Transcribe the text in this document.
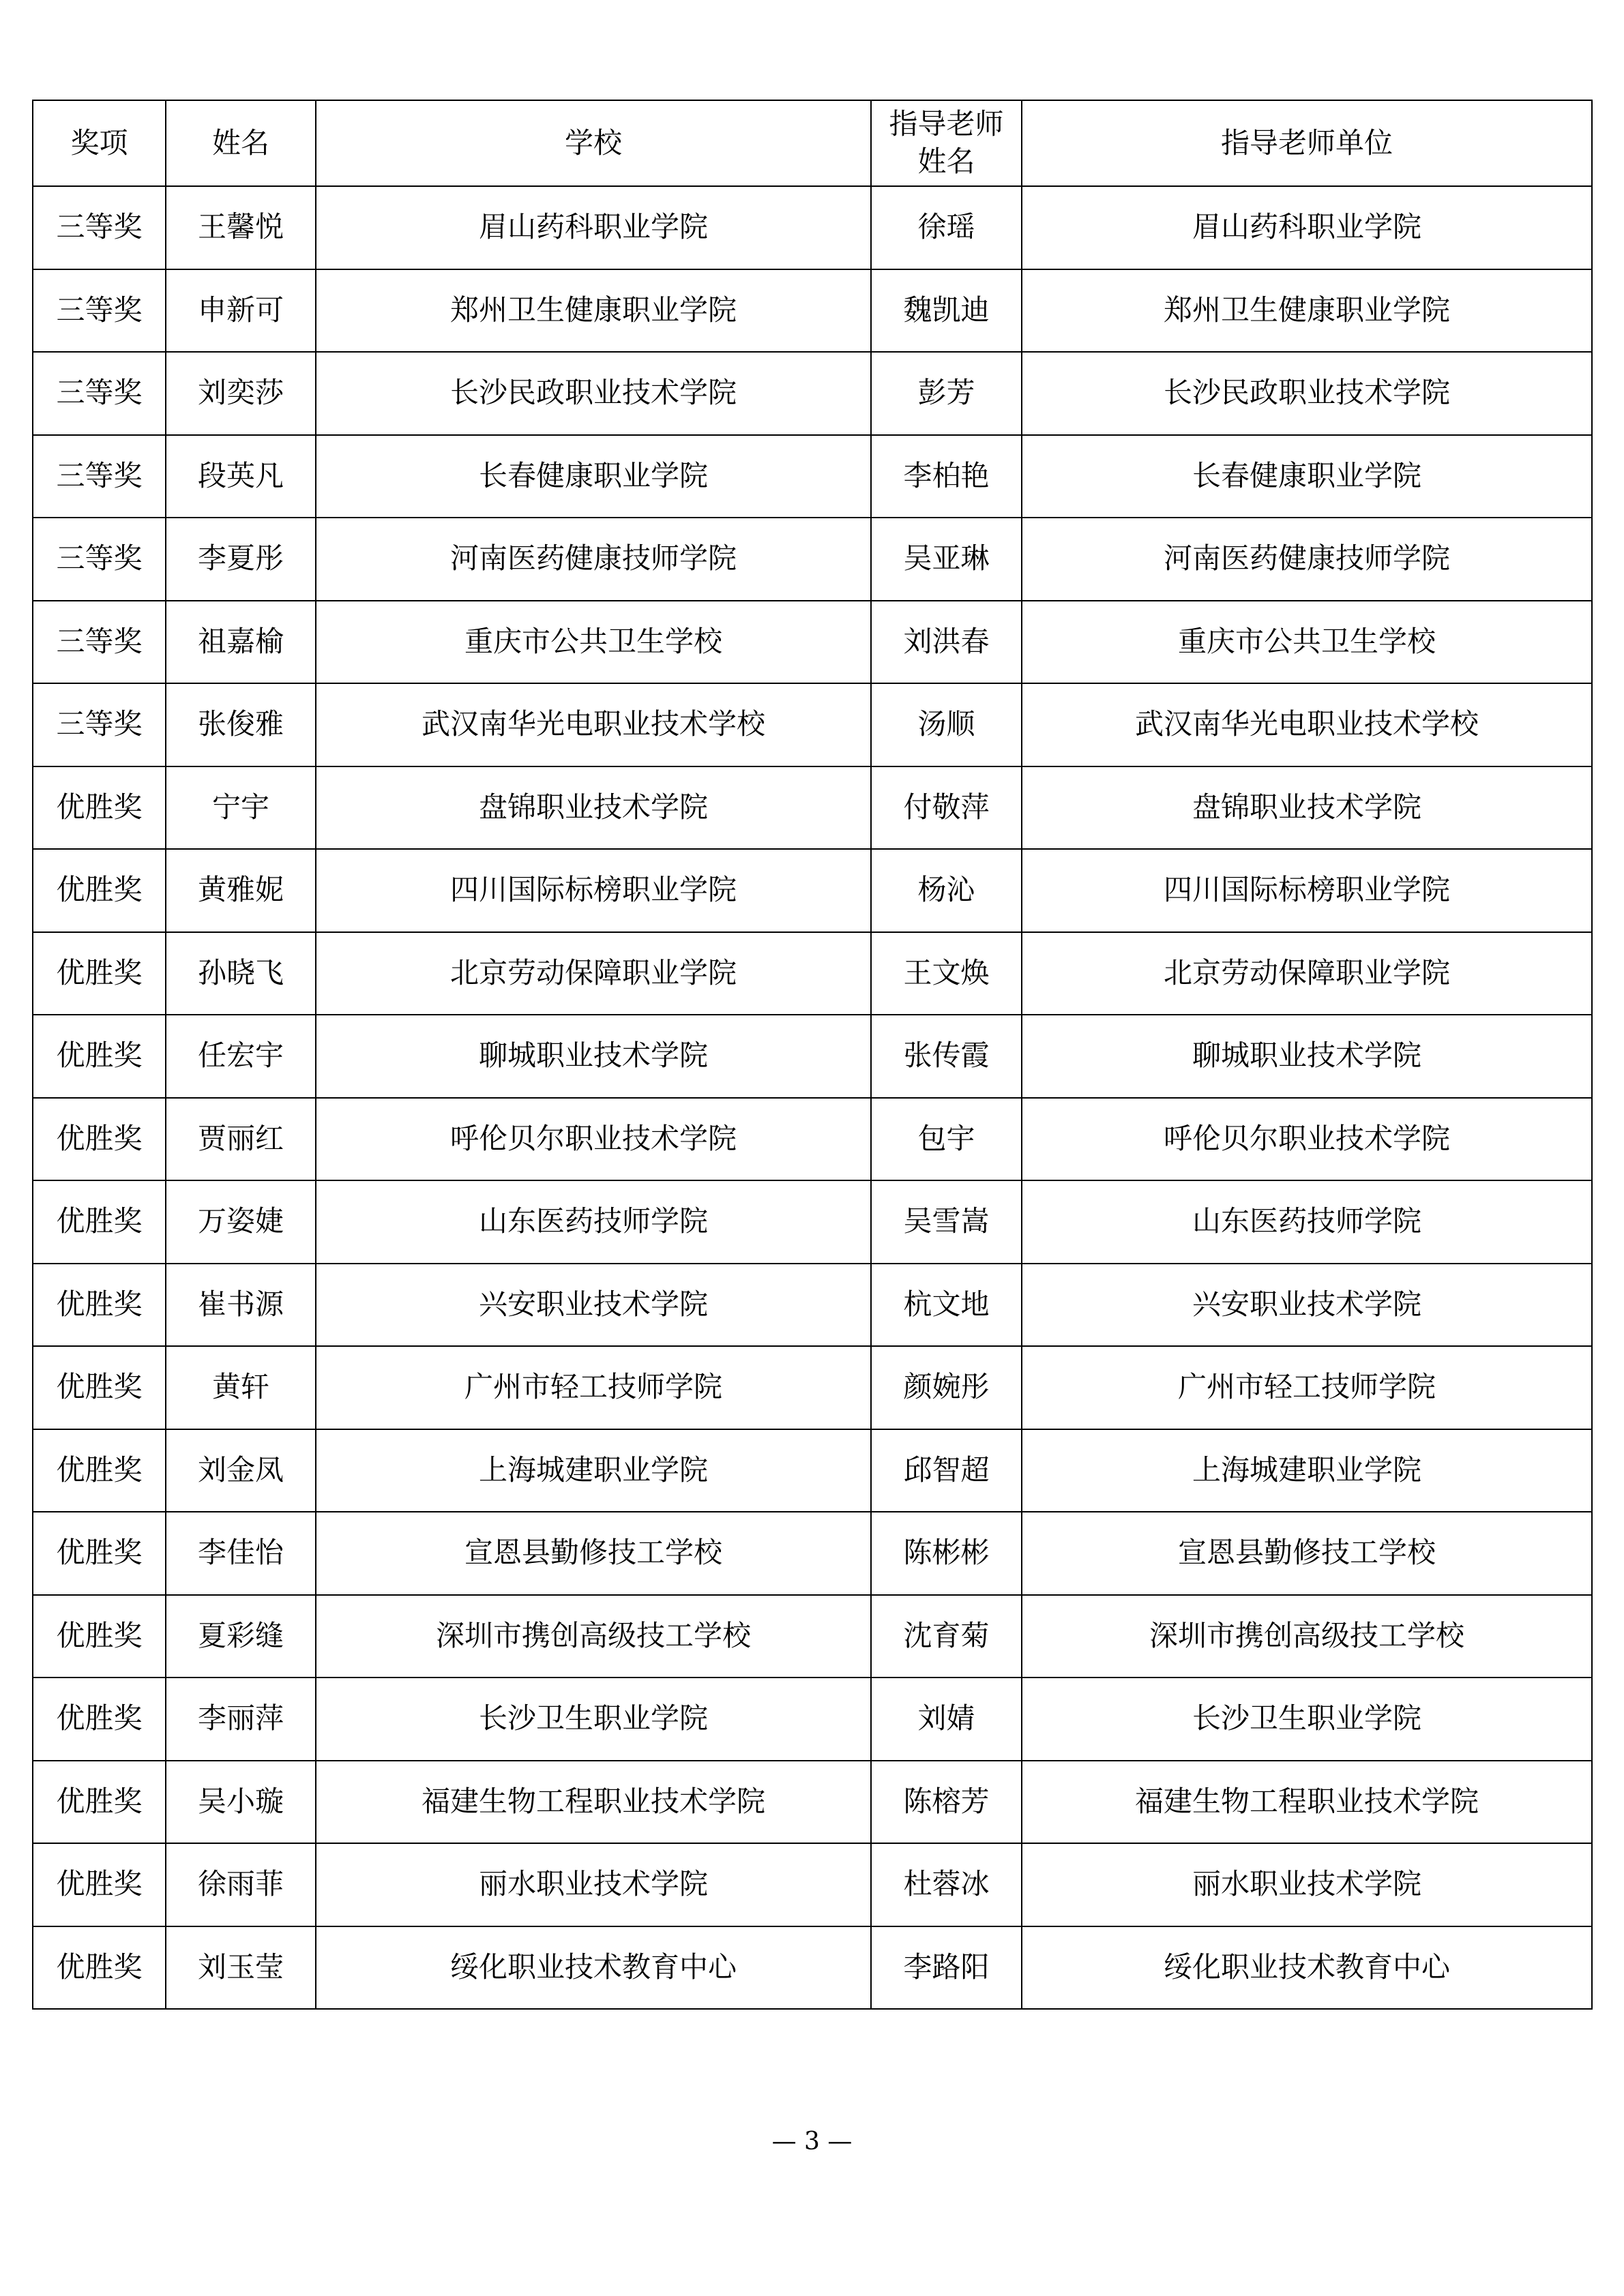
奖项	姓名	学校	指导老师姓名	指导老师单位
三等奖	王馨悦	眉山药科职业学院	徐瑶	眉山药科职业学院
三等奖	申新可	郑州卫生健康职业学院	魏凯迪	郑州卫生健康职业学院
三等奖	刘奕莎	长沙民政职业技术学院	彭芳	长沙民政职业技术学院
三等奖	段英凡	长春健康职业学院	李柏艳	长春健康职业学院
三等奖	李夏彤	河南医药健康技师学院	吴亚琳	河南医药健康技师学院
三等奖	祖嘉榆	重庆市公共卫生学校	刘洪春	重庆市公共卫生学校
三等奖	张俊雅	武汉南华光电职业技术学校	汤顺	武汉南华光电职业技术学校
优胜奖	宁宇	盘锦职业技术学院	付敬萍	盘锦职业技术学院
优胜奖	黄雅妮	四川国际标榜职业学院	杨沁	四川国际标榜职业学院
优胜奖	孙晓飞	北京劳动保障职业学院	王文焕	北京劳动保障职业学院
优胜奖	任宏宇	聊城职业技术学院	张传霞	聊城职业技术学院
优胜奖	贾丽红	呼伦贝尔职业技术学院	包宇	呼伦贝尔职业技术学院
优胜奖	万姿婕	山东医药技师学院	吴雪嵩	山东医药技师学院
优胜奖	崔书源	兴安职业技术学院	杭文地	兴安职业技术学院
优胜奖	黄轩	广州市轻工技师学院	颜婉彤	广州市轻工技师学院
优胜奖	刘金凤	上海城建职业学院	邱智超	上海城建职业学院
优胜奖	李佳怡	宣恩县勤修技工学校	陈彬彬	宣恩县勤修技工学校
优胜奖	夏彩缝	深圳市携创高级技工学校	沈育菊	深圳市携创高级技工学校
优胜奖	李丽萍	长沙卫生职业学院	刘婧	长沙卫生职业学院
优胜奖	吴小璇	福建生物工程职业技术学院	陈榕芳	福建生物工程职业技术学院
优胜奖	徐雨菲	丽水职业技术学院	杜蓉冰	丽水职业技术学院
优胜奖	刘玉莹	绥化职业技术教育中心	李路阳	绥化职业技术教育中心
— 3 —
